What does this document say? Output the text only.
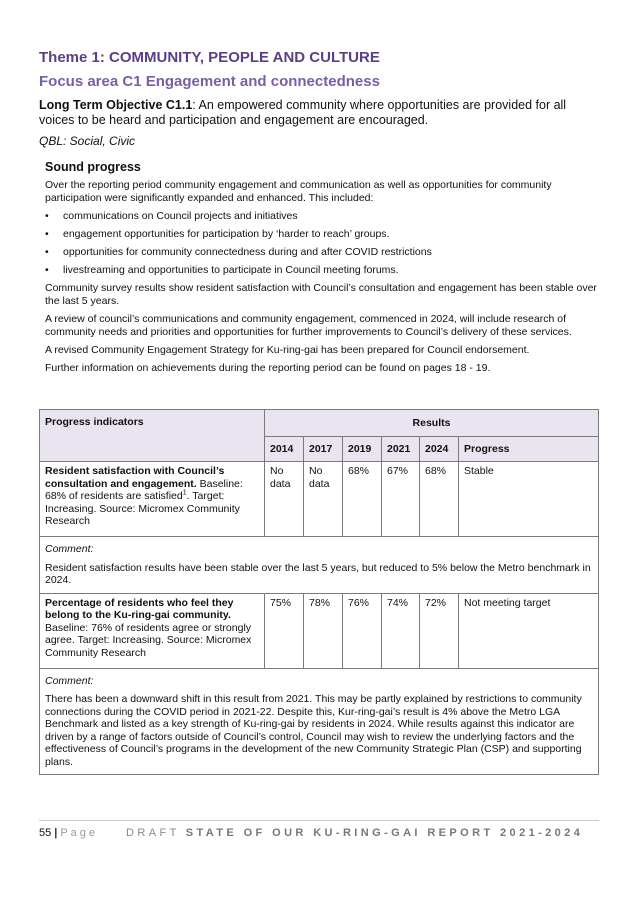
Theme 1: COMMUNITY, PEOPLE AND CULTURE
Focus area C1 Engagement and connectedness

Long Term Objective C1.1: An empowered community where opportunities are provided for all voices to be heard and participation and engagement are encouraged.

QBL: Social, Civic

Sound progress

Over the reporting period community engagement and communication as well as opportunities for community participation were significantly expanded and enhanced. This included:

• communications on Council projects and initiatives
• engagement opportunities for participation by ‘harder to reach’ groups.
• opportunities for community connectedness during and after COVID restrictions
• livestreaming and opportunities to participate in Council meeting forums.

Community survey results show resident satisfaction with Council’s consultation and engagement has been stable over the last 5 years.

A review of council’s communications and community engagement, commenced in 2024, will include research of community needs and priorities and opportunities for further improvements to Council’s delivery of these services.

A revised Community Engagement Strategy for Ku-ring-gai has been prepared for Council endorsement.

Further information on achievements during the reporting period can be found on pages 18 - 19.

Progress indicators	Results					
	2014	2017	2019	2021	2024	Progress
Resident satisfaction with Council’s consultation and engagement. Baseline: 68% of residents are satisfied$^1$. Target: Increasing. Source: Micromex Community Research	No data	No data	68%	67%	68%	Stable

Comment:
Resident satisfaction results have been stable over the last 5 years, but reduced to 5% below the Metro benchmark in 2024.						

Percentage of residents who feel they belong to the Ku-ring-gai community. Baseline: 76% of residents agree or strongly agree. Target: Increasing. Source: Micromex Community Research	75%	78%	76%	74%	72%	Not meeting target

Comment:
There has been a downward shift in this result from 2021. This may be partly explained by restrictions to community connections during the COVID period in 2021-22. Despite this, Kur-ring-gai’s result is 4% above the Metro LGA Benchmark and listed as a key strength of Ku-ring-gai by residents in 2024. While results against this indicator are driven by a range of factors outside of Council’s control, Council may wish to review the underlying factors and the effectiveness of Council’s programs in the development of the new Community Strategic Plan (CSP) and supporting plans.						
55 | Page	DRAFT STATE OF OUR KU-RING-GAI REPORT 2021-2024
